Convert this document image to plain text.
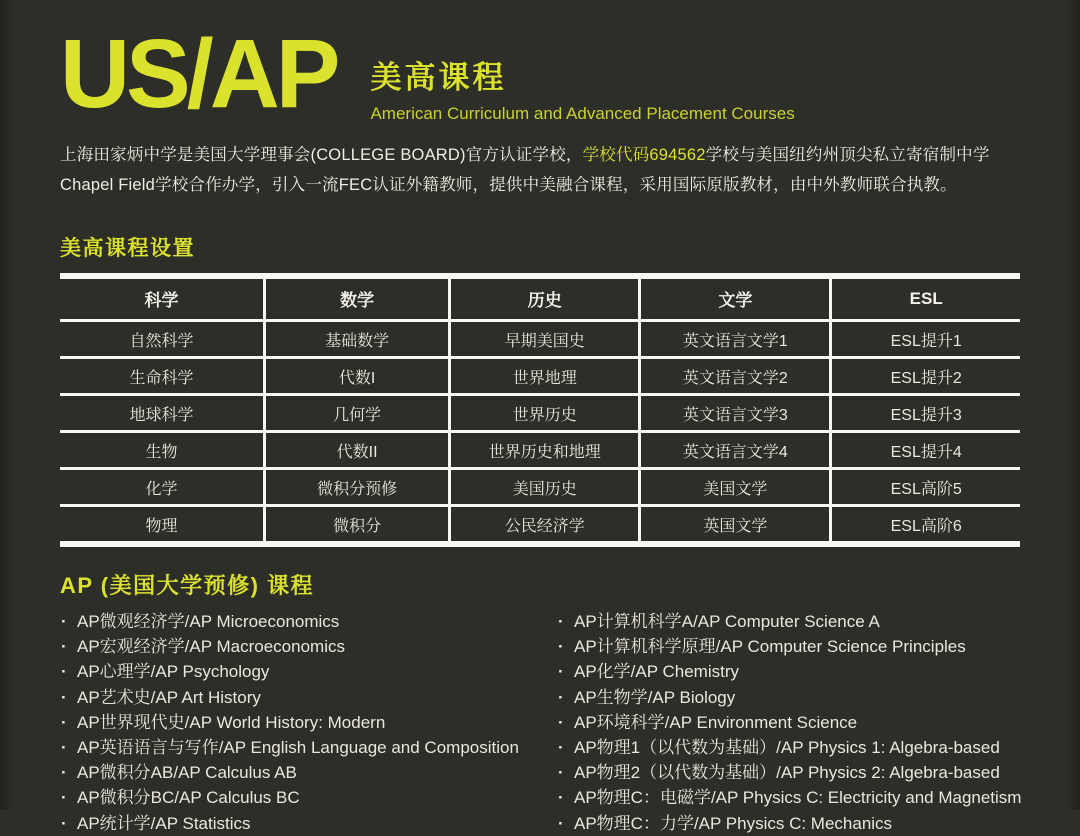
US/AP 美高课程
American Curriculum and Advanced Placement Courses

上海田家炳中学是美国大学理事会(COLLEGE BOARD)官方认证学校，学校代码694562学校与美国纽约州顶尖私立寄宿制中学Chapel Field学校合作办学，引入一流FEC认证外籍教师，提供中美融合课程，采用国际原版教材，由中外教师联合执教。

美高课程设置
科学	数学	历史	文学	ESL
自然科学	基础数学	早期美国史	英文语言文学1	ESL提升1
生命科学	代数I	世界地理	英文语言文学2	ESL提升2
地球科学	几何学	世界历史	英文语言文学3	ESL提升3
生物	代数II	世界历史和地理	英文语言文学4	ESL提升4
化学	微积分预修	美国历史	美国文学	ESL高阶5
物理	微积分	公民经济学	英国文学	ESL高阶6
AP (美国大学预修) 课程
· AP微观经济学/AP Microeconomics
· AP宏观经济学/AP Macroeconomics
· AP心理学/AP Psychology
· AP艺术史/AP Art History
· AP世界现代史/AP World History: Modern
· AP英语语言与写作/AP English Language and Composition
· AP微积分AB/AP Calculus AB
· AP微积分BC/AP Calculus BC
· AP统计学/AP Statistics
· AP计算机科学A/AP Computer Science A
· AP计算机科学原理/AP Computer Science Principles
· AP化学/AP Chemistry
· AP生物学/AP Biology
· AP环境科学/AP Environment Science
· AP物理1（以代数为基础）/AP Physics 1: Algebra-based
· AP物理2（以代数为基础）/AP Physics 2: Algebra-based
· AP物理C：电磁学/AP Physics C: Electricity and Magnetism
· AP物理C：力学/AP Physics C: Mechanics
